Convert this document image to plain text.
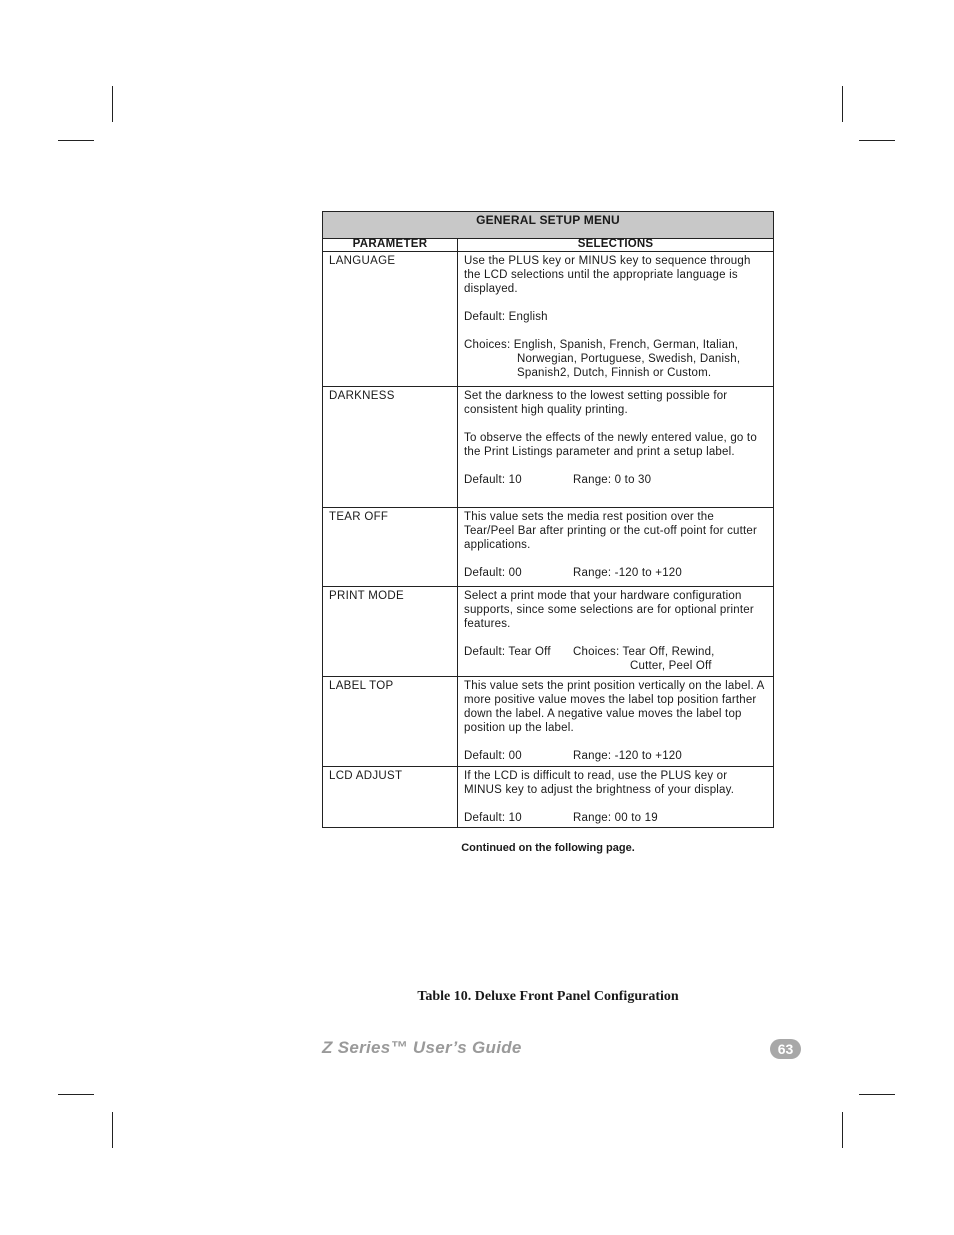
GENERAL SETUP MENU
PARAMETER	SELECTIONS
LANGUAGE	Use the PLUS key or MINUS key to sequence through the LCD selections until the appropriate language is displayed.
Default: English
Choices: English, Spanish, French, German, Italian,
Norwegian, Portuguese, Swedish, Danish,
Spanish2, Dutch, Finnish or Custom.
DARKNESS	Set the darkness to the lowest setting possible for consistent high quality printing.
To observe the effects of the newly entered value, go to the Print Listings parameter and print a setup label.
Default: 10	Range: 0 to 30
TEAR OFF	This value sets the media rest position over the Tear/Peel Bar after printing or the cut-off point for cutter applications.
Default: 00	Range: -120 to +120
PRINT MODE	Select a print mode that your hardware configuration supports, since some selections are for optional printer features.
Default: Tear Off	Choices: Tear Off, Rewind,
Cutter, Peel Off
LABEL TOP	This value sets the print position vertically on the label. A more positive value moves the label top position farther down the label. A negative value moves the label top position up the label.
Default: 00	Range: -120 to +120
LCD ADJUST	If the LCD is difficult to read, use the PLUS key or MINUS key to adjust the brightness of your display.
Default: 10	Range: 00 to 19
Continued on the following page.
Table 10. Deluxe Front Panel Configuration
Z Series™ User’s Guide	63
